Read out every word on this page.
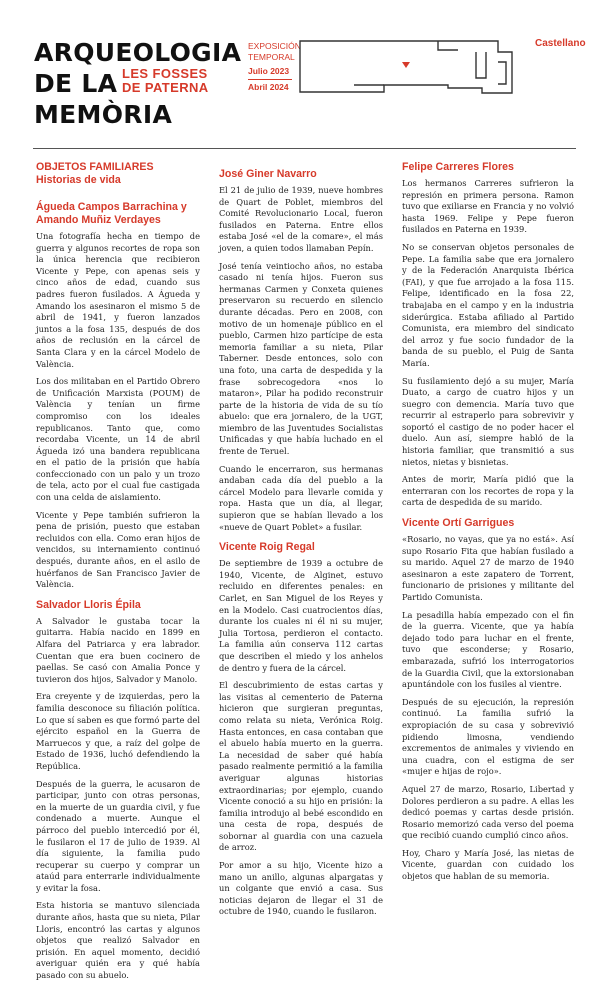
ARQUEOLOGIA
DE LA
MEMÒRIA
LES FOSSES
DE PATERNA
EXPOSICIÓN
TEMPORAL
Julio 2023
Abril 2024
Castellano
OBJETOS FAMILIARES
Historias de vida
Águeda Campos Barrachina y
Amando Muñiz Verdayes

Una fotografía hecha en tiempo de guerra y algunos recortes de ropa son la única herencia que recibieron Vicente y Pepe, con apenas seis y cinco años de edad, cuando sus padres fueron fusilados. A Águeda y Amando los asesinaron el mismo 5 de abril de 1941, y fueron lanzados juntos a la fosa 135, después de dos años de reclusión en la cárcel de Santa Clara y en la cárcel Modelo de València.

Los dos militaban en el Partido Obrero de Unificación Marxista (POUM) de València y tenían un firme compromiso con los ideales republicanos. Tanto que, como recordaba Vicente, un 14 de abril Águeda izó una bandera republicana en el patio de la prisión que había confeccionado con un palo y un trozo de tela, acto por el cual fue castigada con una celda de aislamiento.

Vicente y Pepe también sufrieron la pena de prisión, puesto que estaban recluidos con ella. Como eran hijos de vencidos, su internamiento continuó después, durante años, en el asilo de huérfanos de San Francisco Javier de València.

Salvador Lloris Épila

A Salvador le gustaba tocar la guitarra. Había nacido en 1899 en Alfara del Patriarca y era labrador. Cuentan que era buen cocinero de paellas. Se casó con Amalia Ponce y tuvieron dos hijos, Salvador y Manolo.

Era creyente y de izquierdas, pero la familia desconoce su filiación política. Lo que sí saben es que formó parte del ejército español en la Guerra de Marruecos y que, a raíz del golpe de Estado de 1936, luchó defendiendo la República.

Después de la guerra, le acusaron de participar, junto con otras personas, en la muerte de un guardia civil, y fue condenado a muerte. Aunque el párroco del pueblo intercedió por él, le fusilaron el 17 de julio de 1939. Al día siguiente, la familia pudo recuperar su cuerpo y comprar un ataúd para enterrarle individualmente y evitar la fosa.

Esta historia se mantuvo silenciada durante años, hasta que su nieta, Pilar Lloris, encontró las cartas y algunos objetos que realizó Salvador en prisión. En aquel momento, decidió averiguar quién era y qué había pasado con su abuelo.

José Giner Navarro

El 21 de julio de 1939, nueve hombres de Quart de Poblet, miembros del Comité Revolucionario Local, fueron fusilados en Paterna. Entre ellos estaba José «el de la comare», el más joven, a quien todos llamaban Pepín.

José tenía veintiocho años, no estaba casado ni tenía hijos. Fueron sus hermanas Carmen y Conxeta quienes preservaron su recuerdo en silencio durante décadas. Pero en 2008, con motivo de un homenaje público en el pueblo, Carmen hizo partícipe de esta memoria familiar a su nieta, Pilar Taberner. Desde entonces, solo con una foto, una carta de despedida y la frase sobrecogedora «nos lo mataron», Pilar ha podido reconstruir parte de la historia de vida de su tío abuelo: que era jornalero, de la UGT, miembro de las Juventudes Socialistas Unificadas y que había luchado en el frente de Teruel.

Cuando le encerraron, sus hermanas andaban cada día del pueblo a la cárcel Modelo para llevarle comida y ropa. Hasta que un día, al llegar, supieron que se habían llevado a los «nueve de Quart Poblet» a fusilar.

Vicente Roig Regal

De septiembre de 1939 a octubre de 1940, Vicente, de Alginet, estuvo recluido en diferentes penales: en Carlet, en San Miguel de los Reyes y en la Modelo. Casi cuatrocientos días, durante los cuales ni él ni su mujer, Julia Tortosa, perdieron el contacto. La familia aún conserva 112 cartas que describen el miedo y los anhelos de dentro y fuera de la cárcel.

El descubrimiento de estas cartas y las visitas al cementerio de Paterna hicieron que surgieran preguntas, como relata su nieta, Verónica Roig. Hasta entonces, en casa contaban que el abuelo había muerto en la guerra. La necesidad de saber qué había pasado realmente permitió a la familia averiguar algunas historias extraordinarias; por ejemplo, cuando Vicente conoció a su hijo en prisión: la familia introdujo al bebé escondido en una cesta de ropa, después de sobornar al guardia con una cazuela de arroz.

Por amor a su hijo, Vicente hizo a mano un anillo, algunas alpargatas y un colgante que envió a casa. Sus noticias dejaron de llegar el 31 de octubre de 1940, cuando le fusilaron.

Felipe Carreres Flores

Los hermanos Carreres sufrieron la represión en primera persona. Ramon tuvo que exiliarse en Francia y no volvió hasta 1969. Felipe y Pepe fueron fusilados en Paterna en 1939.

No se conservan objetos personales de Pepe. La familia sabe que era jornalero y de la Federación Anarquista Ibérica (FAI), y que fue arrojado a la fosa 115. Felipe, identificado en la fosa 22, trabajaba en el campo y en la industria siderúrgica. Estaba afiliado al Partido Comunista, era miembro del sindicato del arroz y fue socio fundador de la banda de su pueblo, el Puig de Santa María.

Su fusilamiento dejó a su mujer, María Duato, a cargo de cuatro hijos y un suegro con demencia. María tuvo que recurrir al estraperlo para sobrevivir y soportó el castigo de no poder hacer el duelo. Aun así, siempre habló de la historia familiar, que transmitió a sus nietos, nietas y bisnietas.

Antes de morir, María pidió que la enterraran con los recortes de ropa y la carta de despedida de su marido.

Vicente Ortí Garrigues

«Rosario, no vayas, que ya no está». Así supo Rosario Fita que habían fusilado a su marido. Aquel 27 de marzo de 1940 asesinaron a este zapatero de Torrent, funcionario de prisiones y militante del Partido Comunista.

La pesadilla había empezado con el fin de la guerra. Vicente, que ya había dejado todo para luchar en el frente, tuvo que esconderse; y Rosario, embarazada, sufrió los interrogatorios de la Guardia Civil, que la extorsionaban apuntándole con los fusiles al vientre.

Después de su ejecución, la represión continuó. La familia sufrió la expropiación de su casa y sobrevivió pidiendo limosna, vendiendo excrementos de animales y viviendo en una cuadra, con el estigma de ser «mujer e hijas de rojo».

Aquel 27 de marzo, Rosario, Libertad y Dolores perdieron a su padre. A ellas les dedicó poemas y cartas desde prisión. Rosario memorizó cada verso del poema que recibió cuando cumplió cinco años.

Hoy, Charo y María José, las nietas de Vicente, guardan con cuidado los objetos que hablan de su memoria.
